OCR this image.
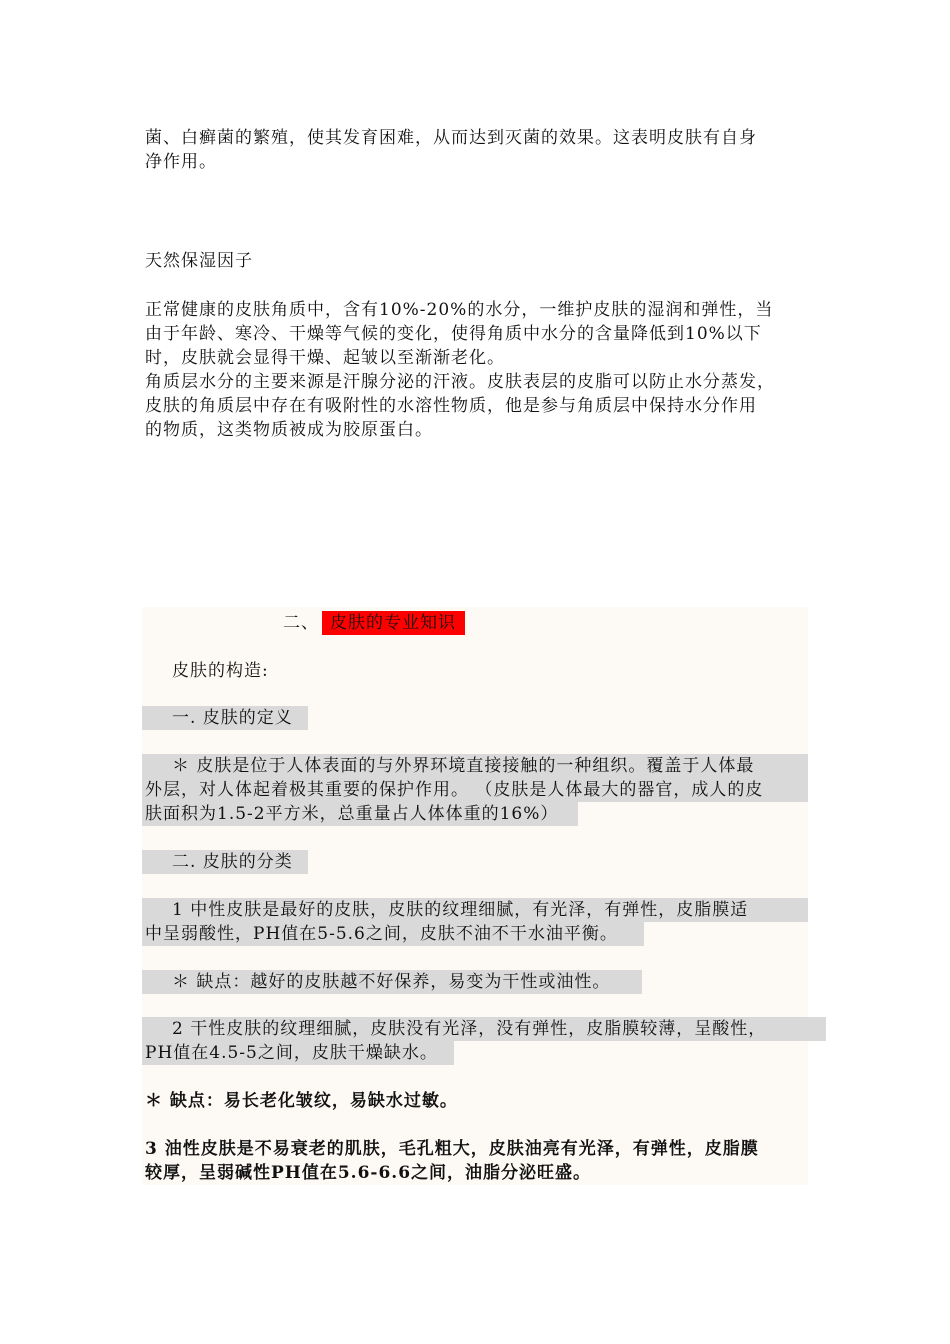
菌、白癣菌的繁殖，使其发育困难，从而达到灭菌的效果。这表明皮肤有自身
净作用。
天然保湿因子
正常健康的皮肤角质中，含有10%-20%的水分，一维护皮肤的湿润和弹性，当
由于年龄、寒冷、干燥等气候的变化，使得角质中水分的含量降低到10%以下
时，皮肤就会显得干燥、起皱以至渐渐老化。
角质层水分的主要来源是汗腺分泌的汗液。皮肤表层的皮脂可以防止水分蒸发，
皮肤的角质层中存在有吸附性的水溶性物质，他是参与角质层中保持水分作用
的物质，这类物质被成为胶原蛋白。
二、 皮肤的专业知识
皮肤的构造:
一. 皮肤的定义
＊ 皮肤是位于人体表面的与外界环境直接接触的一种组织。覆盖于人体最
外层，对人体起着极其重要的保护作用。 （皮肤是人体最大的器官，成人的皮
肤面积为1.5-2平方米，总重量占人体体重的16%）
二. 皮肤的分类
1 中性皮肤是最好的皮肤，皮肤的纹理细腻，有光泽，有弹性，皮脂膜适
中呈弱酸性，PH值在5-5.6之间，皮肤不油不干水油平衡。
＊ 缺点：越好的皮肤越不好保养，易变为干性或油性。
2 干性皮肤的纹理细腻，皮肤没有光泽，没有弹性，皮脂膜较薄，呈酸性，
PH值在4.5-5之间，皮肤干燥缺水。
＊ 缺点：易长老化皱纹，易缺水过敏。
3 油性皮肤是不易衰老的肌肤，毛孔粗大，皮肤油亮有光泽，有弹性，皮脂膜
较厚，呈弱碱性PH值在5.6-6.6之间，油脂分泌旺盛。
